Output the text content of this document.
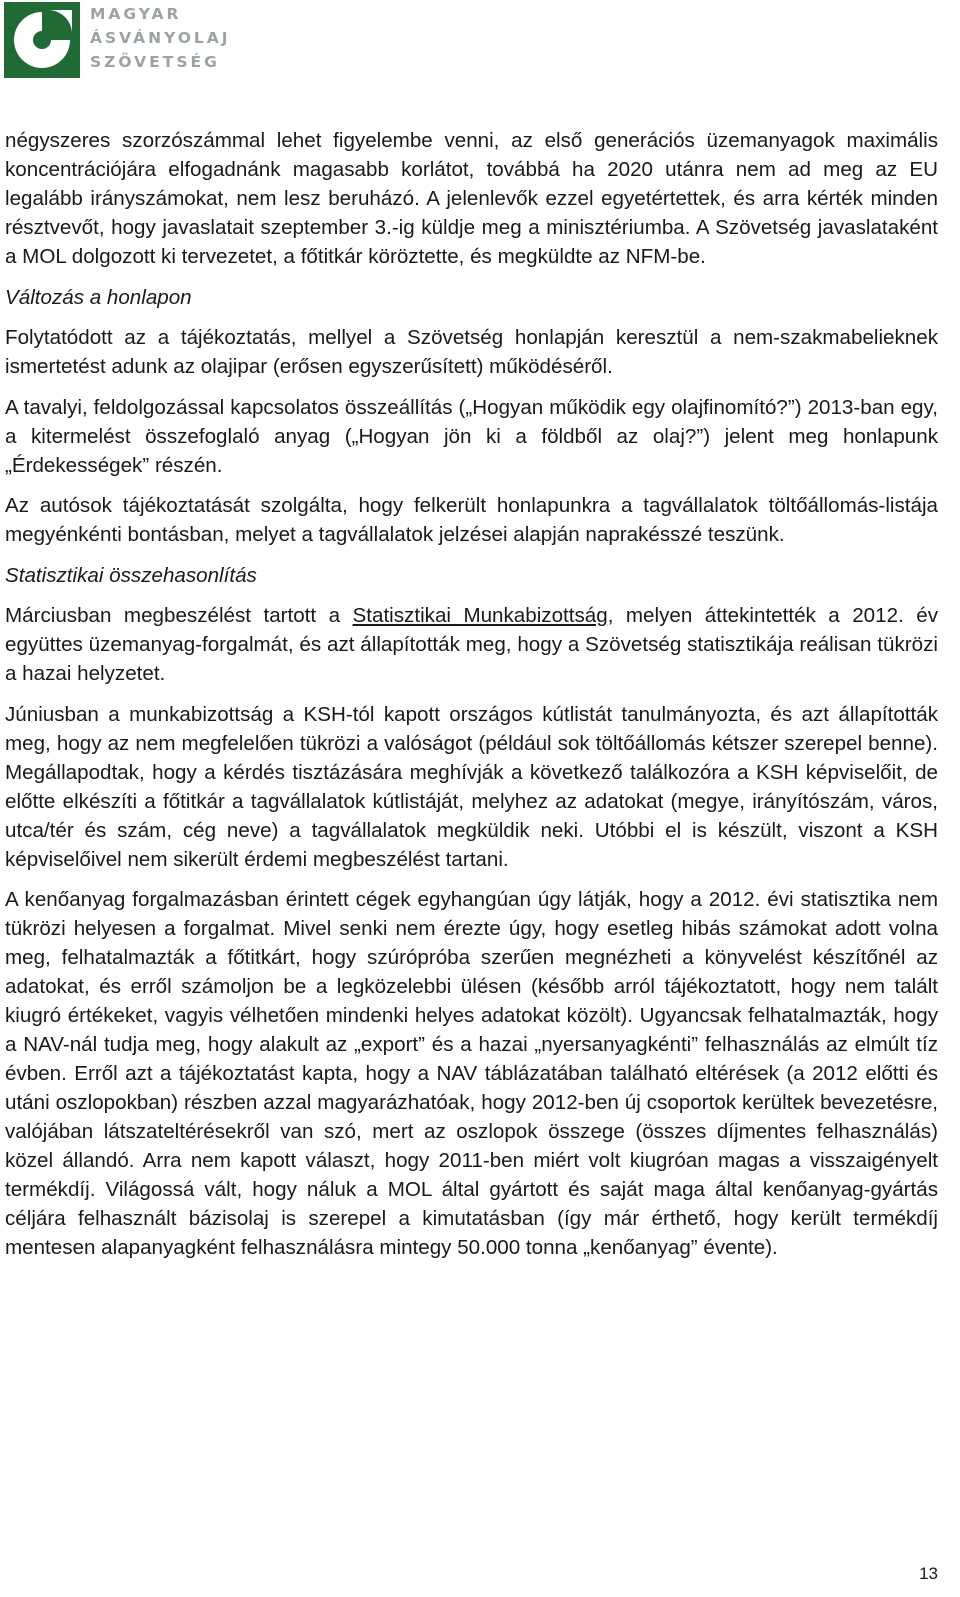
MAGYAR
ÁSVÁNYOLAJ
SZÖVETSÉG

négyszeres szorzószámmal lehet figyelembe venni, az első generációs üzemanyagok maximális koncentrációjára elfogadnánk magasabb korlátot, továbbá ha 2020 utánra nem ad meg az EU legalább irányszámokat, nem lesz beruházó. A jelenlevők ezzel egyetértettek, és arra kérték minden résztvevőt, hogy javaslatait szeptember 3.-ig küldje meg a minisztériumba. A Szövetség javaslataként a MOL dolgozott ki tervezetet, a főtitkár köröztette, és megküldte az NFM-be.

Változás a honlapon

Folytatódott az a tájékoztatás, mellyel a Szövetség honlapján keresztül a nem-szakmabelieknek ismertetést adunk az olajipar (erősen egyszerűsített) működéséről.

A tavalyi, feldolgozással kapcsolatos összeállítás („Hogyan működik egy olajfinomító?”) 2013-ban egy, a kitermelést összefoglaló anyag („Hogyan jön ki a földből az olaj?”) jelent meg honlapunk „Érdekességek” részén.

Az autósok tájékoztatását szolgálta, hogy felkerült honlapunkra a tagvállalatok töltőállomás-listája megyénkénti bontásban, melyet a tagvállalatok jelzései alapján naprakésszé teszünk.

Statisztikai összehasonlítás

Márciusban megbeszélést tartott a Statisztikai Munkabizottság, melyen áttekintették a 2012. év együttes üzemanyag-forgalmát, és azt állapították meg, hogy a Szövetség statisztikája reálisan tükrözi a hazai helyzetet.

Júniusban a munkabizottság a KSH-tól kapott országos kútlistát tanulmányozta, és azt állapították meg, hogy az nem megfelelően tükrözi a valóságot (például sok töltőállomás kétszer szerepel benne). Megállapodtak, hogy a kérdés tisztázására meghívják a következő találkozóra a KSH képviselőit, de előtte elkészíti a főtitkár a tagvállalatok kútlistáját, melyhez az adatokat (megye, irányítószám, város, utca/tér és szám, cég neve) a tagvállalatok megküldik neki. Utóbbi el is készült, viszont a KSH képviselőivel nem sikerült érdemi megbeszélést tartani.

A kenőanyag forgalmazásban érintett cégek egyhangúan úgy látják, hogy a 2012. évi statisztika nem tükrözi helyesen a forgalmat. Mivel senki nem érezte úgy, hogy esetleg hibás számokat adott volna meg, felhatalmazták a főtitkárt, hogy szúrópróba szerűen megnézheti a könyvelést készítőnél az adatokat, és erről számoljon be a legközelebbi ülésen (később arról tájékoztatott, hogy nem talált kiugró értékeket, vagyis vélhetően mindenki helyes adatokat közölt). Ugyancsak felhatalmazták, hogy a NAV-nál tudja meg, hogy alakult az „export” és a hazai „nyersanyagkénti” felhasználás az elmúlt tíz évben. Erről azt a tájékoztatást kapta, hogy a NAV táblázatában található eltérések (a 2012 előtti és utáni oszlopokban) részben azzal magyarázhatóak, hogy 2012-ben új csoportok kerültek bevezetésre, valójában látszateltérésekről van szó, mert az oszlopok összege (összes díjmentes felhasználás) közel állandó. Arra nem kapott választ, hogy 2011-ben miért volt kiugróan magas a visszaigényelt termékdíj. Világossá vált, hogy náluk a MOL által gyártott és saját maga által kenőanyag-gyártás céljára felhasznált bázisolaj is szerepel a kimutatásban (így már érthető, hogy került termékdíj mentesen alapanyagként felhasználásra mintegy 50.000 tonna „kenőanyag” évente).

13
